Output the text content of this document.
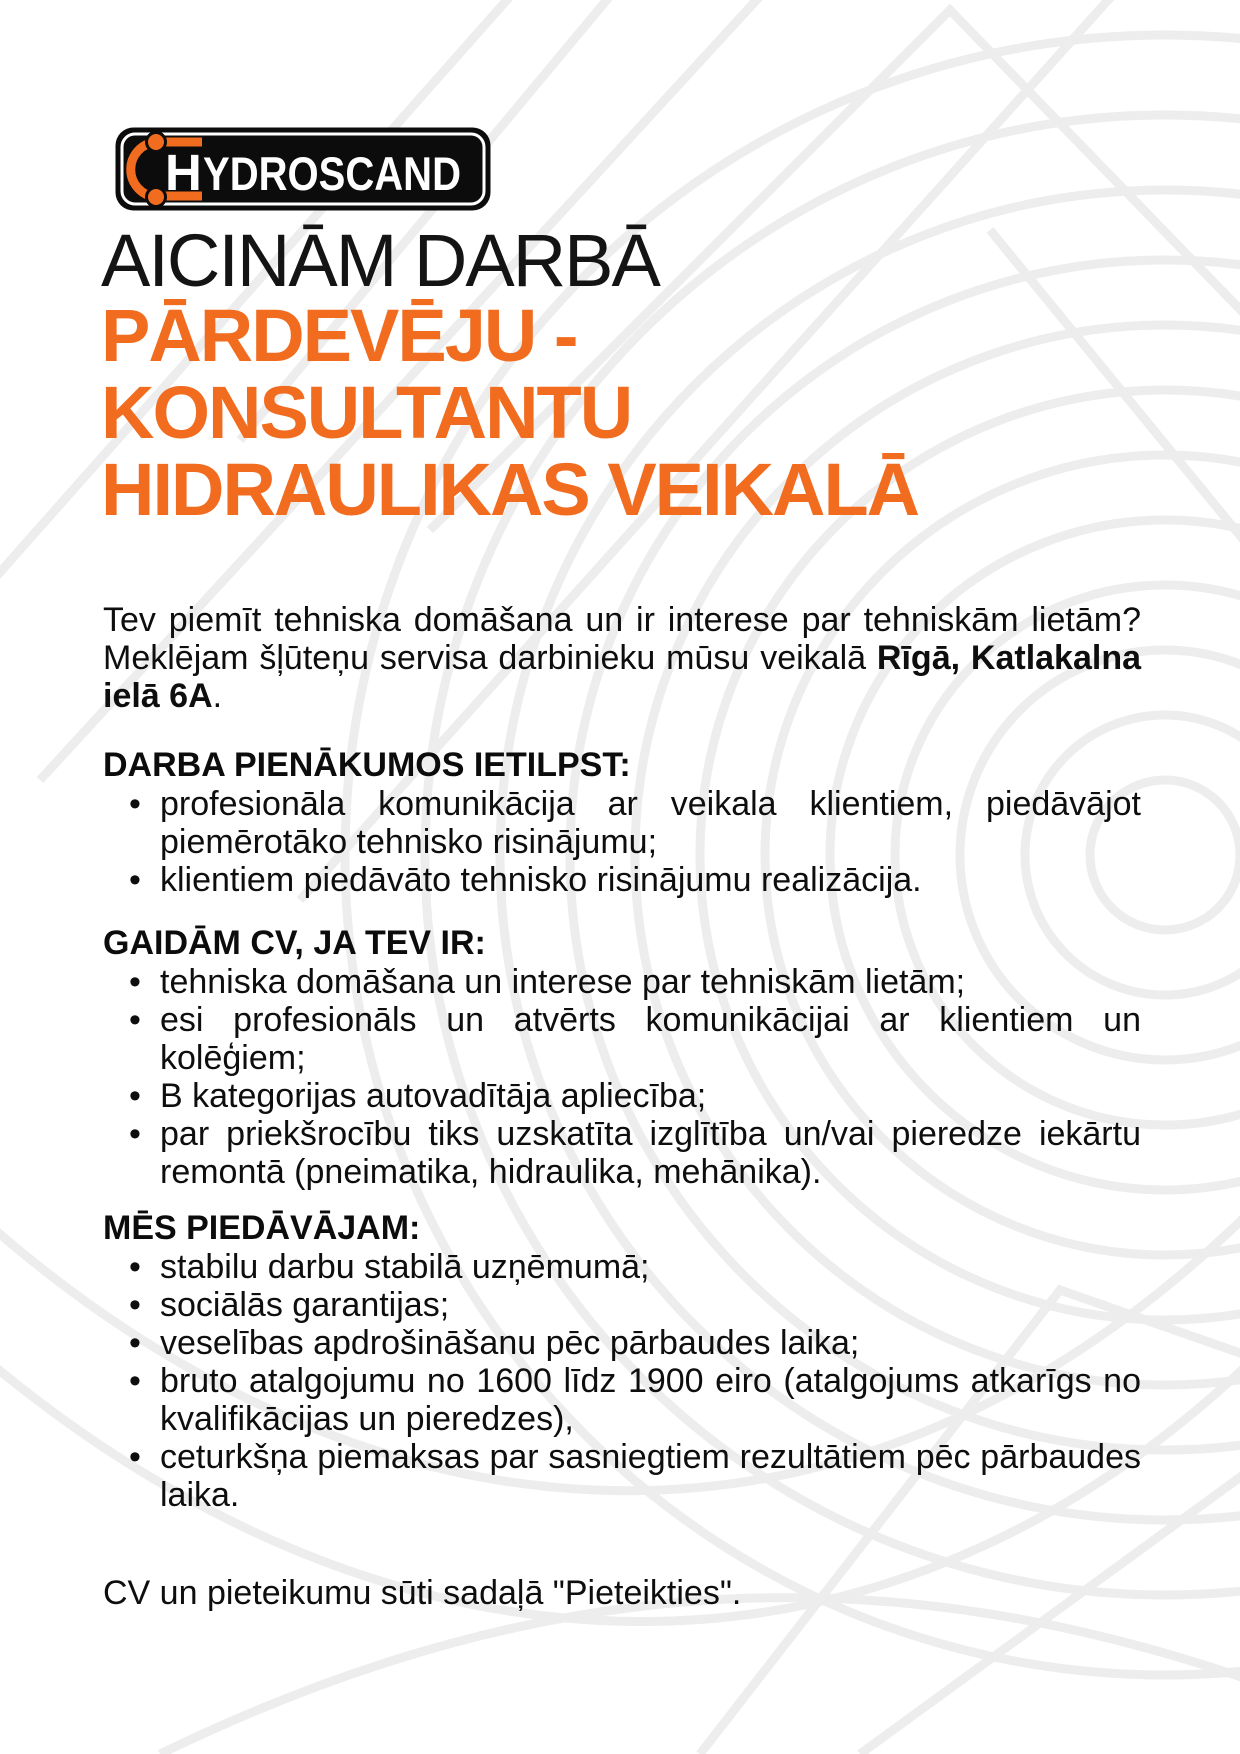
H YDROSCAND
AICINĀM DARBĀ
PĀRDEVĒJU -
KONSULTANTU
HIDRAULIKAS VEIKALĀ

Tev piemīt tehniska domāšana un ir interese par tehniskām lietām? Meklējam šļūteņu servisa darbinieku mūsu veikalā Rīgā, Katlakalna ielā 6A.

DARBA PIENĀKUMOS IETILPST:
• profesionāla komunikācija ar veikala klientiem, piedāvājot piemērotāko tehnisko risinājumu;
• klientiem piedāvāto tehnisko risinājumu realizācija.
GAIDĀM CV, JA TEV IR:
• tehniska domāšana un interese par tehniskām lietām;
• esi profesionāls un atvērts komunikācijai ar klientiem un kolēģiem;
• B kategorijas autovadītāja apliecība;
• par priekšrocību tiks uzskatīta izglītība un/vai pieredze iekārtu remontā (pneimatika, hidraulika, mehānika).
MĒS PIEDĀVĀJAM:
• stabilu darbu stabilā uzņēmumā;
• sociālās garantijas;
• veselības apdrošināšanu pēc pārbaudes laika;
• bruto atalgojumu no 1600 līdz 1900 eiro (atalgojums atkarīgs no kvalifikācijas un pieredzes),
• ceturkšņa piemaksas par sasniegtiem rezultātiem pēc pārbaudes laika.

CV un pieteikumu sūti sadaļā "Pieteikties".
